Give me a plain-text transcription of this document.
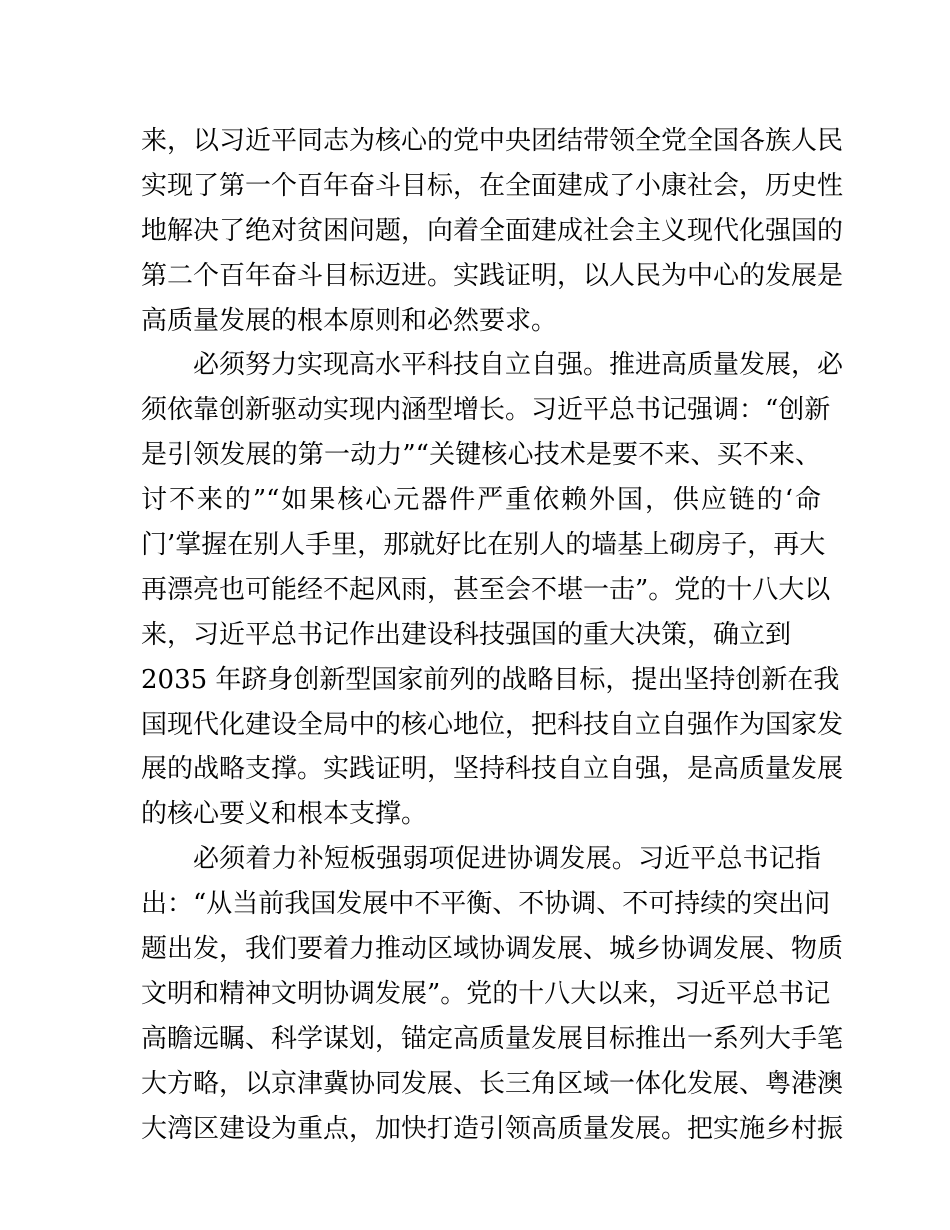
来，以习近平同志为核心的党中央团结带领全党全国各族人民
实现了第一个百年奋斗目标，在全面建成了小康社会，历史性
地解决了绝对贫困问题，向着全面建成社会主义现代化强国的
第二个百年奋斗目标迈进。实践证明，以人民为中心的发展是
高质量发展的根本原则和必然要求。
必须努力实现高水平科技自立自强。推进高质量发展，必
须依靠创新驱动实现内涵型增长。习近平总书记强调：“创新
是引领发展的第一动力”“关键核心技术是要不来、买不来、
讨不来的”“如果核心元器件严重依赖外国，供应链的‘命
门’掌握在别人手里，那就好比在别人的墙基上砌房子，再大
再漂亮也可能经不起风雨，甚至会不堪一击”。党的十八大以
来，习近平总书记作出建设科技强国的重大决策，确立到
2035 年跻身创新型国家前列的战略目标，提出坚持创新在我
国现代化建设全局中的核心地位，把科技自立自强作为国家发
展的战略支撑。实践证明，坚持科技自立自强，是高质量发展
的核心要义和根本支撑。
必须着力补短板强弱项促进协调发展。习近平总书记指
出：“从当前我国发展中不平衡、不协调、不可持续的突出问
题出发，我们要着力推动区域协调发展、城乡协调发展、物质
文明和精神文明协调发展”。党的十八大以来，习近平总书记
高瞻远瞩、科学谋划，锚定高质量发展目标推出一系列大手笔
大方略，以京津冀协同发展、长三角区域一体化发展、粤港澳
大湾区建设为重点，加快打造引领高质量发展。把实施乡村振
